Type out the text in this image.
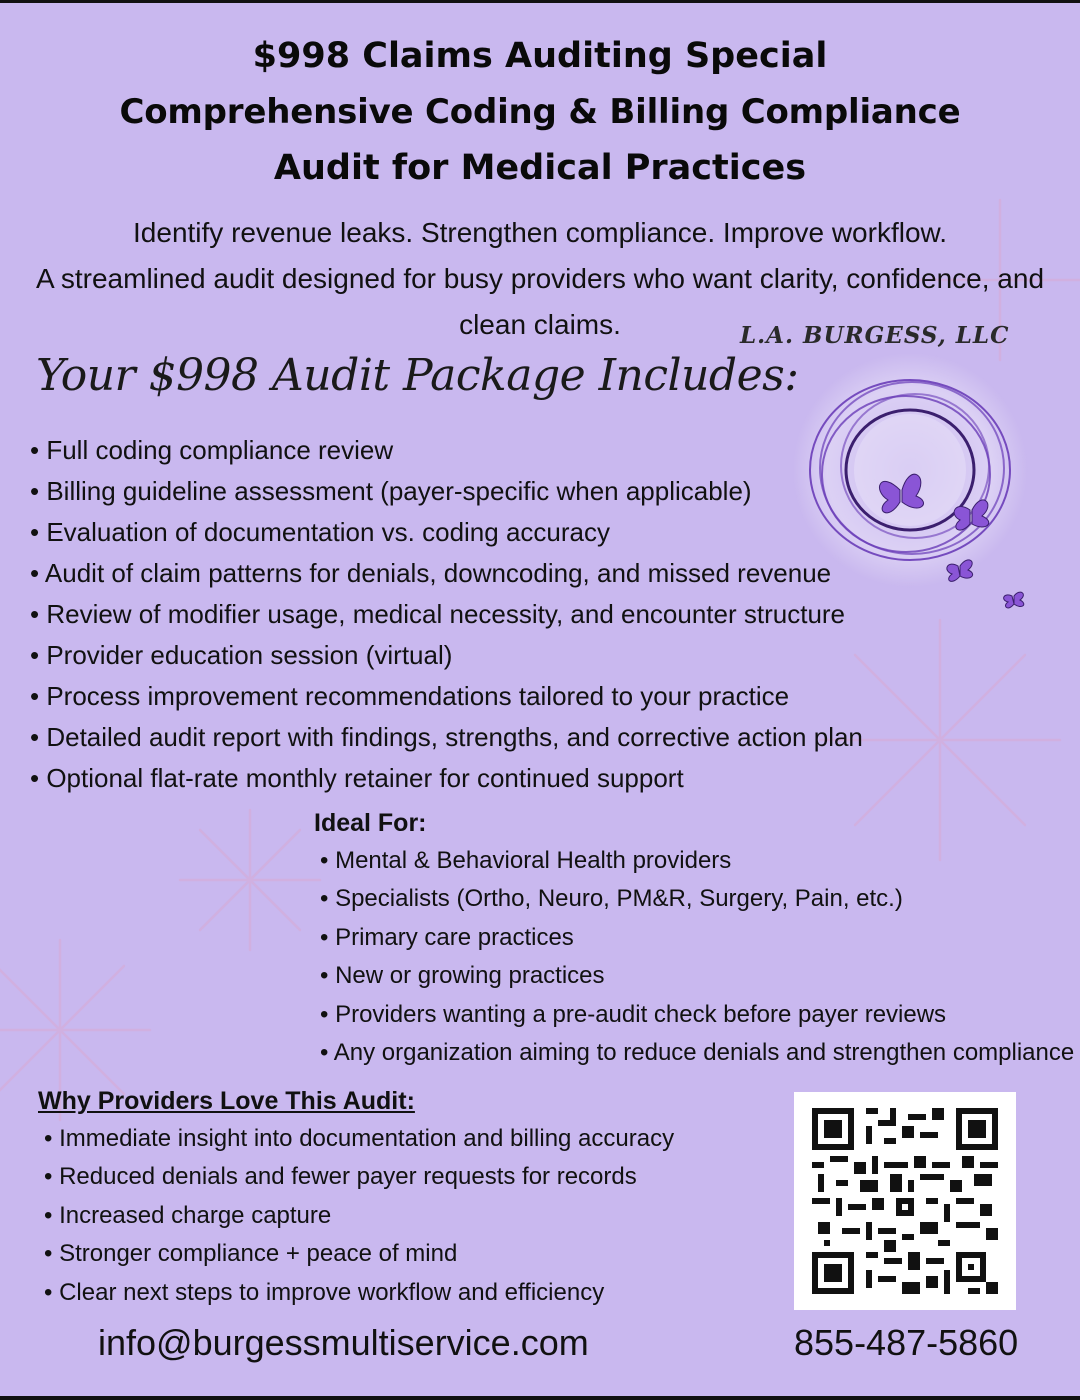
$998 Claims Auditing Special
Comprehensive Coding & Billing Compliance
Audit for Medical Practices
Identify revenue leaks. Strengthen compliance. Improve workflow.
A streamlined audit designed for busy providers who want clarity, confidence, and
clean claims.	L.A. BURGESS, LLC
Your $998 Audit Package Includes:
• Full coding compliance review
• Billing guideline assessment (payer-specific when applicable)
• Evaluation of documentation vs. coding accuracy
• Audit of claim patterns for denials, downcoding, and missed revenue
• Review of modifier usage, medical necessity, and encounter structure
• Provider education session (virtual)
• Process improvement recommendations tailored to your practice
• Detailed audit report with findings, strengths, and corrective action plan
• Optional flat-rate monthly retainer for continued support
Ideal For:
• Mental & Behavioral Health providers
• Specialists (Ortho, Neuro, PM&R, Surgery, Pain, etc.)
• Primary care practices
• New or growing practices
• Providers wanting a pre-audit check before payer reviews
• Any organization aiming to reduce denials and strengthen compliance
Why Providers Love This Audit:
• Immediate insight into documentation and billing accuracy
• Reduced denials and fewer payer requests for records
• Increased charge capture
• Stronger compliance + peace of mind
• Clear next steps to improve workflow and efficiency
info@burgessmultiservice.com	855-487-5860
